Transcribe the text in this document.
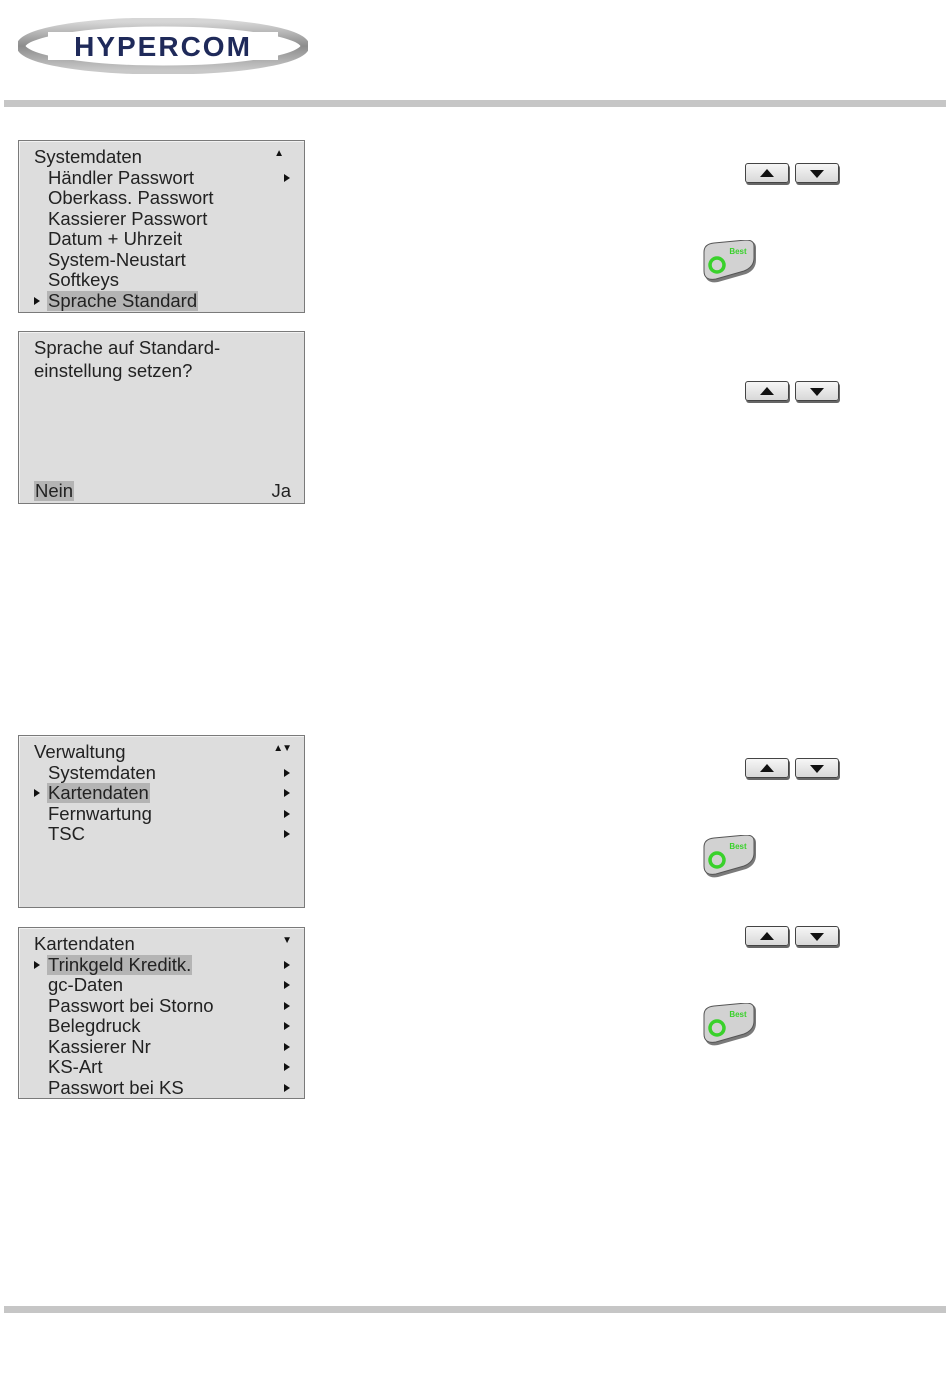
HYPERCOM
Systemdaten	▲
Händler Passwort
Oberkass. Passwort
Kassierer Passwort
Datum + Uhrzeit
System-Neustart
Softkeys
Sprache Standard
Sprache auf Standard-
einstellung setzen?
Nein	Ja
Verwaltung	▲▼
Systemdaten
Kartendaten
Fernwartung
TSC
Kartendaten	▼
Trinkgeld Kreditk.
gc-Daten
Passwort bei Storno
Belegdruck
Kassierer Nr
KS-Art
Passwort bei KS
Best
Best
Best
